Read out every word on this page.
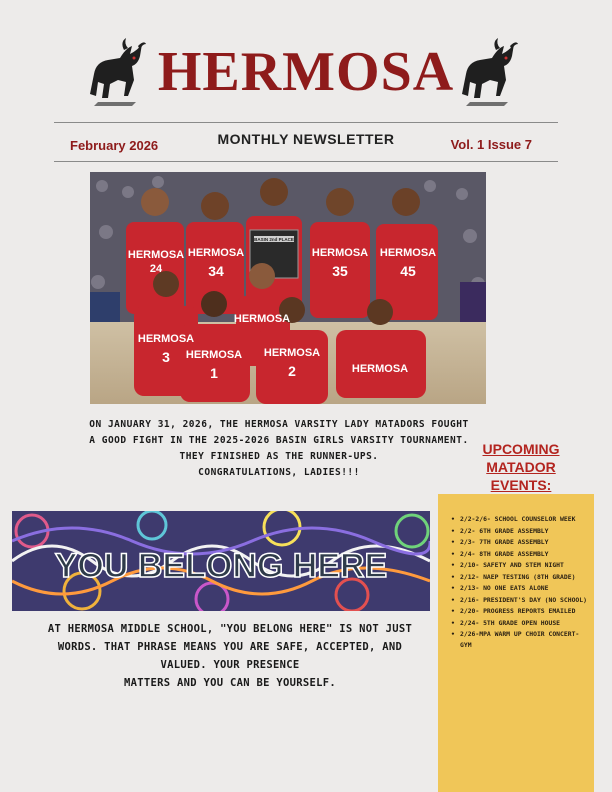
HERMOSA
February 2026	MONTHLY NEWSLETTER	Vol. 1 Issue 7
HERMOSA
24
HERMOSA
34
HERMOSA
35
HERMOSA
45
HERMOSA
3
HERMOSA
HERMOSA
1
HERMOSA
2	HERMOSA
BASIN 2nd PLACE
ON JANUARY 31, 2026, THE HERMOSA VARSITY LADY MATADORS FOUGHT
A GOOD FIGHT IN THE 2025-2026 BASIN GIRLS VARSITY TOURNAMENT.
THEY FINISHED AS THE RUNNER-UPS.
CONGRATULATIONS, LADIES!!!
UPCOMING
MATADOR
EVENTS:
• 2/2-2/6- SCHOOL COUNSELOR WEEK
• 2/2- 6TH GRADE ASSEMBLY
• 2/3- 7TH GRADE ASSEMBLY
• 2/4- 8TH GRADE ASSEMBLY
• 2/10- SAFETY AND STEM NIGHT
• 2/12- NAEP TESTING (8TH GRADE)
• 2/13- NO ONE EATS ALONE
• 2/16- PRESIDENT'S DAY (NO SCHOOL)
• 2/20- PROGRESS REPORTS EMAILED
• 2/24- 5TH GRADE OPEN HOUSE
• 2/26-MPA WARM UP CHOIR CONCERT- GYM
YOU BELONG HERE
AT HERMOSA MIDDLE SCHOOL, "YOU BELONG HERE" IS NOT JUST
WORDS. THAT PHRASE MEANS YOU ARE SAFE, ACCEPTED, AND
VALUED. YOUR PRESENCE
MATTERS AND YOU CAN BE YOURSELF.
